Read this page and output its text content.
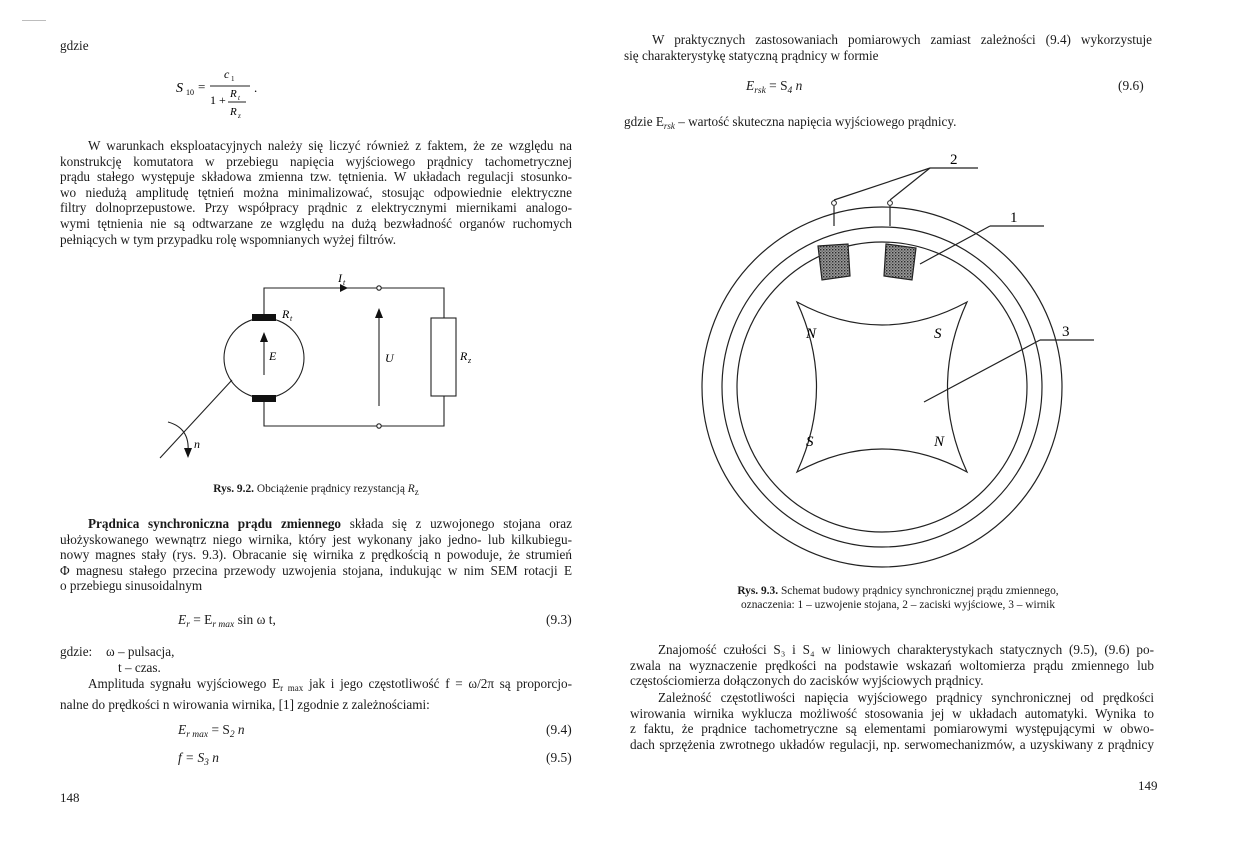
gdzie
S 10 =
c 1
1 + R t
R z
.

W warunkach eksploatacyjnych należy się liczyć również z faktem, że ze względu na

konstrukcję komutatora w przebiegu napięcia wyjściowego prądnicy tachometrycznej

prądu stałego występuje składowa zmienna tzw. tętnienia. W układach regulacji stosunko-

wo niedużą amplitudę tętnień można minimalizować, stosując odpowiednie elektryczne

filtry dolnoprzepustowe. Przy współpracy prądnic z elektrycznymi miernikami analogo-

wymi tętnienia nie są odtwarzane ze względu na dużą bezwładność organów ruchomych

pełniących w tym przypadku rolę wspomnianych wyżej filtrów.

I t
R t
E	U	R z
n
Rys. 9.2. Obciążenie prądnicy rezystancją $R_z$

Prądnica synchroniczna prądu zmiennego składa się z uzwojonego stojana oraz

ułożyskowanego wewnątrz niego wirnika, który jest wykonany jako jedno- lub kilkubiegu-

nowy magnes stały (rys. 9.3). Obracanie się wirnika z prędkością n powoduje, że strumień

Φ magnesu stałego przecina przewody uzwojenia stojana, indukując w nim SEM rotacji E

o przebiegu sinusoidalnym

$E_r = E_{r max}$ sin ω t,	(9.3)
gdzie: ω – pulsacja,
t – czas.

Amplituda sygnału wyjściowego $E_{r max}$ jak i jego częstotliwość f = ω/2π są proporcjo-

nalne do prędkości n wirowania wirnika, [1] zgodnie z zależnościami:

$E_{r max} = S_2$ n	(9.4)
$f = S_3$ n	(9.5)
148

W praktycznych zastosowaniach pomiarowych zamiast zależności (9.4) wykorzystuje

się charakterystykę statyczną prądnicy w formie

$E_{rsk} = S_4$ n	(9.6)
gdzie $E_{rsk}$ – wartość skuteczna napięcia wyjściowego prądnicy.
2
1
3
N	S
S	N
Rys. 9.3. Schemat budowy prądnicy synchronicznej prądu zmiennego,
oznaczenia: 1 – uzwojenie stojana, 2 – zaciski wyjściowe, 3 – wirnik

Znajomość czułości S₃ i S₄ w liniowych charakterystykach statycznych (9.5), (9.6) po-

zwala na wyznaczenie prędkości na podstawie wskazań woltomierza prądu zmiennego lub

częstościomierza dołączonych do zacisków wyjściowych prądnicy.

Zależność częstotliwości napięcia wyjściowego prądnicy synchronicznej od prędkości

wirowania wirnika wyklucza możliwość stosowania jej w układach automatyki. Wynika to

z faktu, że prądnice tachometryczne są elementami pomiarowymi występującymi w obwo-

dach sprzężenia zwrotnego układów regulacji, np. serwomechanizmów, a uzyskiwany z prądnicy

149
